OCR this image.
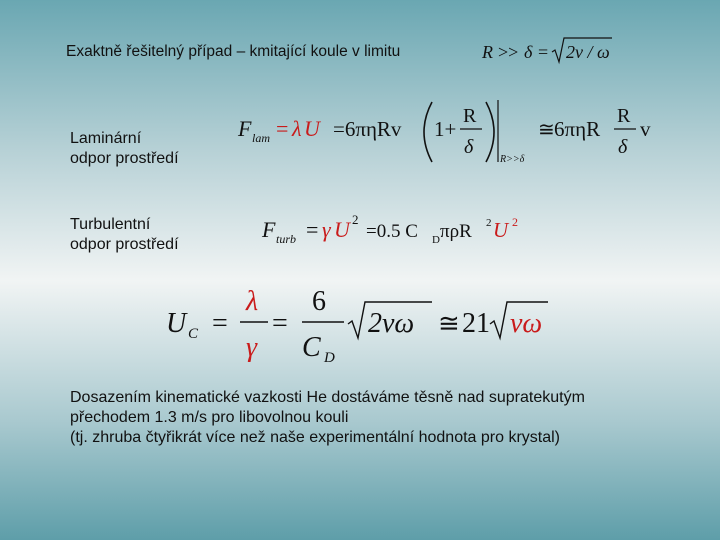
Exaktně řešitelný případ – kmitající koule v limitu	R >> δ = 2ν / ω
Laminární
odpor prostředí
F lam = λ U =6πηRv 1+
R
δ
R>>δ
≅ 6πηR
R
δ
v
Turbulentní
odpor prostředí
F turb = γ U 2
=0.5 C D πρR 2 U 2
U C =
λ
γ
=
6
C D
2νω ≅ 21 νω
Dosazením kinematické vazkosti He dostáváme těsně nad supratekutým
přechodem 1.3 m/s pro libovolnou kouli
(tj. zhruba čtyřikrát více než naše experimentální hodnota pro krystal)
